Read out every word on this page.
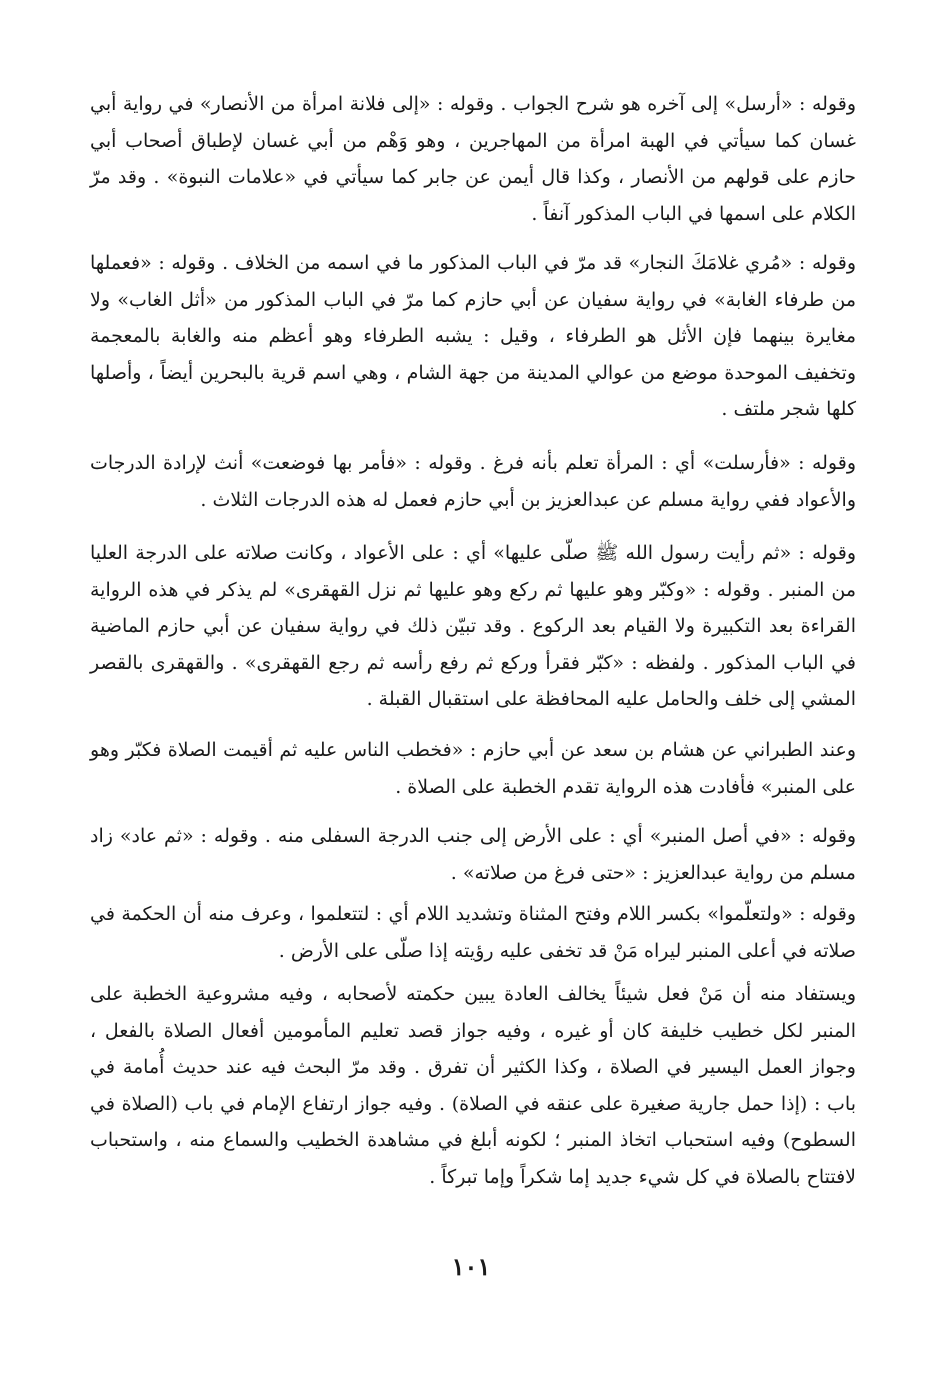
وقوله : «أرسل» إلى آخره هو شرح الجواب . وقوله : «إلى فلانة امرأة من الأنصار» في رواية أبي غسان كما سيأتي في الهبة امرأة من المهاجرين ، وهو وَهْم من أبي غسان لإطباق أصحاب أبي حازم على قولهم من الأنصار ، وكذا قال أيمن عن جابر كما سيأتي في «علامات النبوة» . وقد مرّ الكلام على اسمها في الباب المذكور آنفاً .

وقوله : «مُري غلامَكَ النجار» قد مرّ في الباب المذكور ما في اسمه من الخلاف . وقوله : «فعملها من طرفاء الغابة» في رواية سفيان عن أبي حازم كما مرّ في الباب المذكور من «أثل الغاب» ولا مغايرة بينهما فإن الأثل هو الطرفاء ، وقيل : يشبه الطرفاء وهو أعظم منه والغابة بالمعجمة وتخفيف الموحدة موضع من عوالي المدينة من جهة الشام ، وهي اسم قرية بالبحرين أيضاً ، وأصلها كلها شجر ملتف .

وقوله : «فأرسلت» أي : المرأة تعلم بأنه فرغ . وقوله : «فأمر بها فوضعت» أنث لإرادة الدرجات والأعواد ففي رواية مسلم عن عبدالعزيز بن أبي حازم فعمل له هذه الدرجات الثلاث .

وقوله : «ثم رأيت رسول الله ﷺ صلّى عليها» أي : على الأعواد ، وكانت صلاته على الدرجة العليا من المنبر . وقوله : «وكبّر وهو عليها ثم ركع وهو عليها ثم نزل القهقرى» لم يذكر في هذه الرواية القراءة بعد التكبيرة ولا القيام بعد الركوع . وقد تبيّن ذلك في رواية سفيان عن أبي حازم الماضية في الباب المذكور . ولفظه : «كبّر فقرأ وركع ثم رفع رأسه ثم رجع القهقرى» . والقهقرى بالقصر المشي إلى خلف والحامل عليه المحافظة على استقبال القبلة .

وعند الطبراني عن هشام بن سعد عن أبي حازم : «فخطب الناس عليه ثم أقيمت الصلاة فكبّر وهو على المنبر» فأفادت هذه الرواية تقدم الخطبة على الصلاة .

وقوله : «في أصل المنبر» أي : على الأرض إلى جنب الدرجة السفلى منه . وقوله : «ثم عاد» زاد مسلم من رواية عبدالعزيز : «حتى فرغ من صلاته» .

وقوله : «ولتعلّموا» بكسر اللام وفتح المثناة وتشديد اللام أي : لتتعلموا ، وعرف منه أن الحكمة في صلاته في أعلى المنبر ليراه مَنْ قد تخفى عليه رؤيته إذا صلّى على الأرض .

ويستفاد منه أن مَنْ فعل شيئاً يخالف العادة يبين حكمته لأصحابه ، وفيه مشروعية الخطبة على المنبر لكل خطيب خليفة كان أو غيره ، وفيه جواز قصد تعليم المأمومين أفعال الصلاة بالفعل ، وجواز العمل اليسير في الصلاة ، وكذا الكثير أن تفرق . وقد مرّ البحث فيه عند حديث أُمامة في باب : (إذا حمل جارية صغيرة على عنقه في الصلاة) . وفيه جواز ارتفاع الإمام في باب (الصلاة في السطوح) وفيه استحباب اتخاذ المنبر ؛ لكونه أبلغ في مشاهدة الخطيب والسماع منه ، واستحباب لافتتاح بالصلاة في كل شيء جديد إما شكراً وإما تبركاً .

١٠١
